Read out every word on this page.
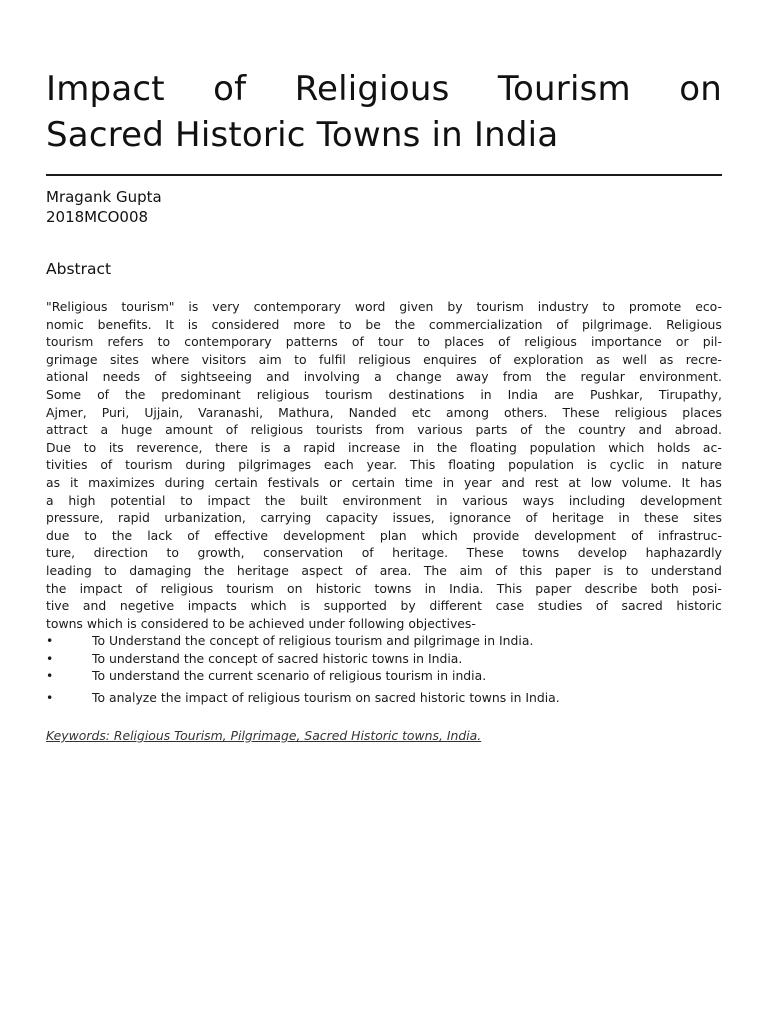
Impact of Religious Tourism on
Sacred Historic Towns in India
Mragank Gupta
2018MCO008
Abstract
"Religious tourism" is very contemporary word given by tourism industry to promote eco-
nomic benefits. It is considered more to be the commercialization of pilgrimage. Religious
tourism refers to contemporary patterns of tour to places of religious importance or pil-
grimage sites where visitors aim to fulfil religious enquires of exploration as well as recre-
ational needs of sightseeing and involving a change away from the regular environment.
Some of the predominant religious tourism destinations in India are Pushkar, Tirupathy,
Ajmer, Puri, Ujjain, Varanashi, Mathura, Nanded etc among others. These religious places
attract a huge amount of religious tourists from various parts of the country and abroad.
Due to its reverence, there is a rapid increase in the floating population which holds ac-
tivities of tourism during pilgrimages each year. This floating population is cyclic in nature
as it maximizes during certain festivals or certain time in year and rest at low volume. It has
a high potential to impact the built environment in various ways including development
pressure, rapid urbanization, carrying capacity issues, ignorance of heritage in these sites
due to the lack of effective development plan which provide development of infrastruc-
ture, direction to growth, conservation of heritage. These towns develop haphazardly
leading to damaging the heritage aspect of area. The aim of this paper is to understand
the impact of religious tourism on historic towns in India. This paper describe both posi-
tive and negetive impacts which is supported by different case studies of sacred historic
towns which is considered to be achieved under following objectives-
•	To Understand the concept of religious tourism and pilgrimage in India.
•	To understand the concept of sacred historic towns in India.
•	To understand the current scenario of religious tourism in india.
•	To analyze the impact of religious tourism on sacred historic towns in India.
Keywords: Religious Tourism, Pilgrimage, Sacred Historic towns, India.
